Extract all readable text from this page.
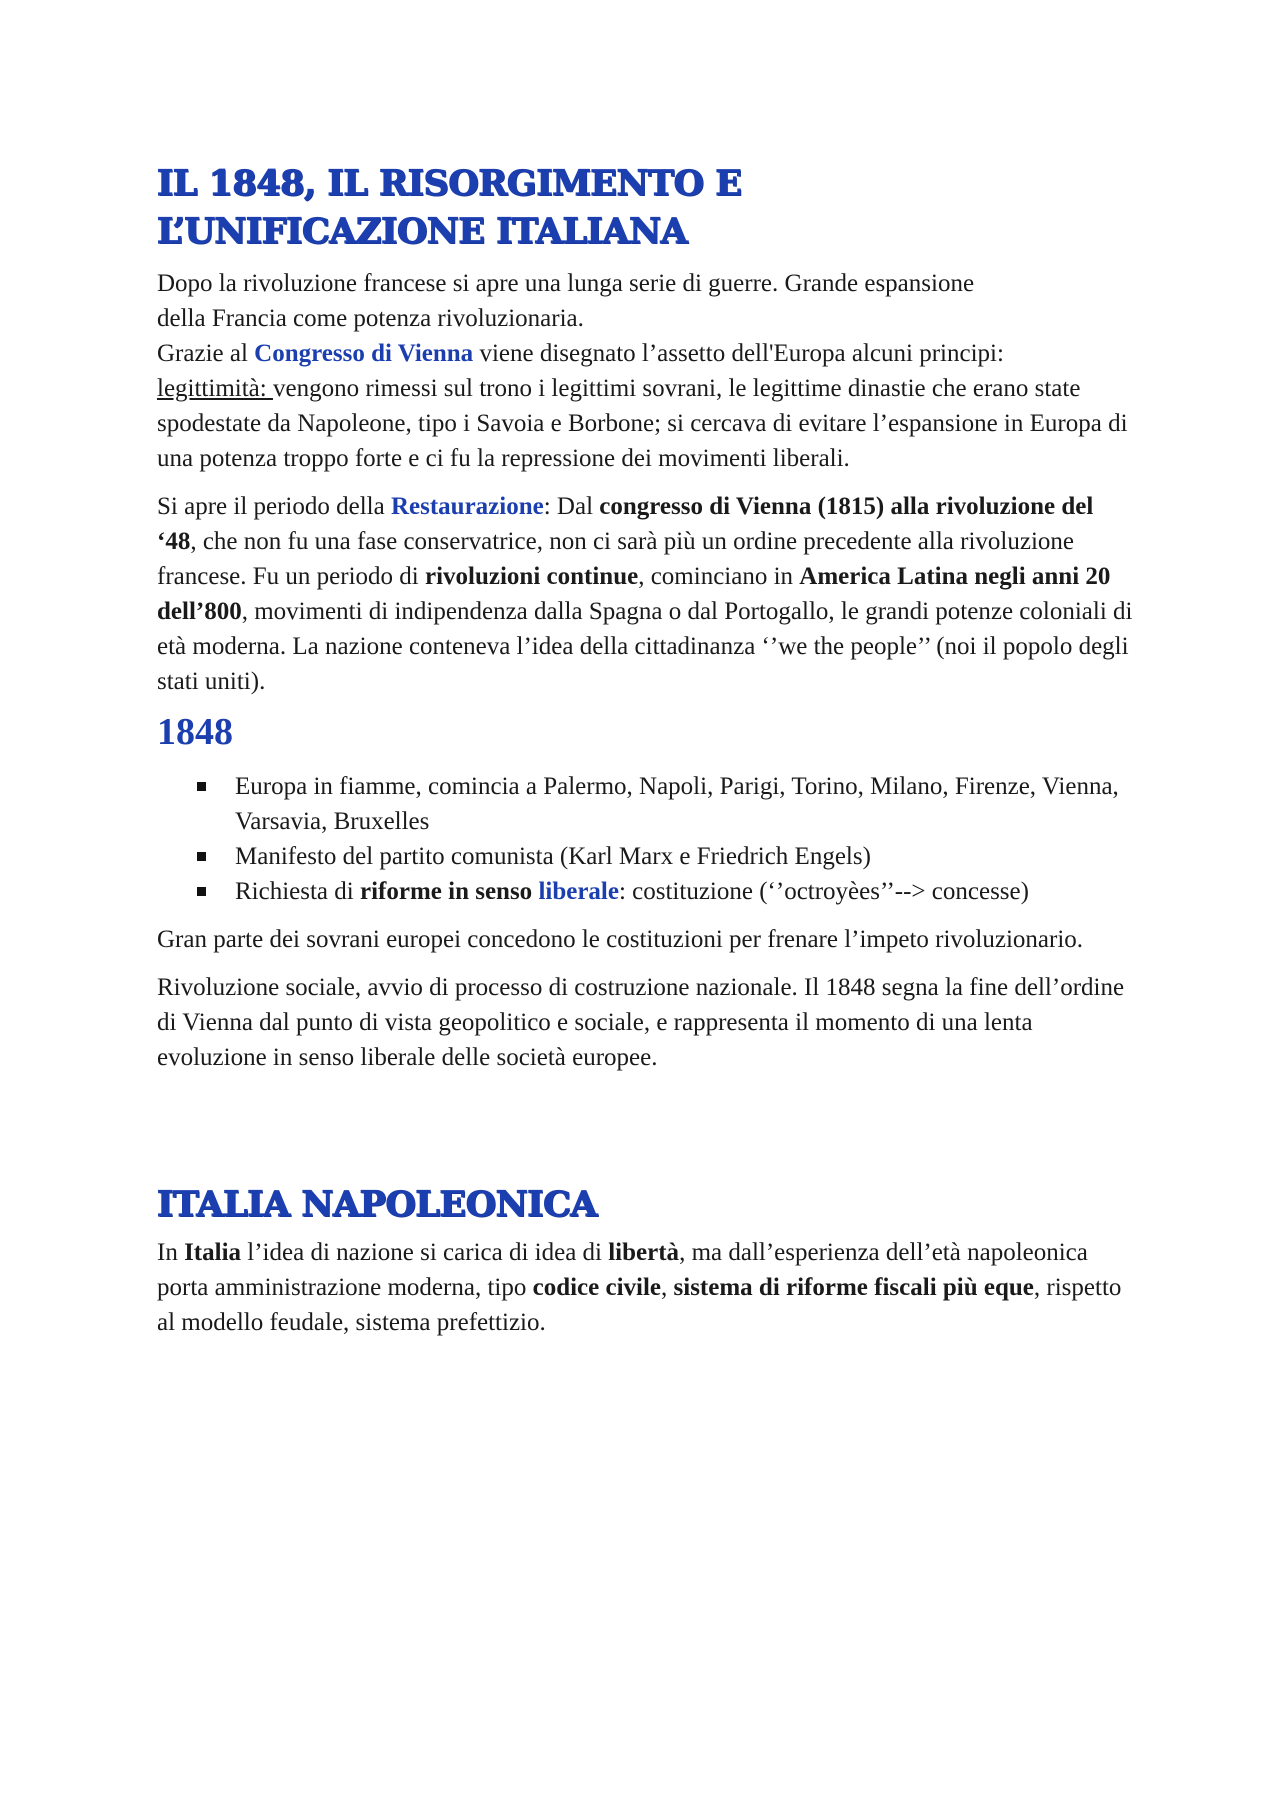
IL 1848, IL RISORGIMENTO E
L’UNIFICAZIONE ITALIANA

Dopo la rivoluzione francese si apre una lunga serie di guerre. Grande espansione
della Francia come potenza rivoluzionaria.
Grazie al Congresso di Vienna viene disegnato l’assetto dell'Europa alcuni principi:
legittimità: vengono rimessi sul trono i legittimi sovrani, le legittime dinastie che erano state spodestate da Napoleone, tipo i Savoia e Borbone; si cercava di evitare l’espansione in Europa di una potenza troppo forte e ci fu la repressione dei movimenti liberali.

Si apre il periodo della Restaurazione: Dal congresso di Vienna (1815) alla rivoluzione del ‘48, che non fu una fase conservatrice, non ci sarà più un ordine precedente alla rivoluzione francese. Fu un periodo di rivoluzioni continue, cominciano in America Latina negli anni 20 dell’800, movimenti di indipendenza dalla Spagna o dal Portogallo, le grandi potenze coloniali di età moderna. La nazione conteneva l’idea della cittadinanza ‘’we the people’’ (noi il popolo degli stati uniti).

1848
Europa in fiamme, comincia a Palermo, Napoli, Parigi, Torino, Milano, Firenze, Vienna, Varsavia, Bruxelles
Manifesto del partito comunista (Karl Marx e Friedrich Engels)
Richiesta di riforme in senso liberale: costituzione (‘’octroyèes’’--> concesse)

Gran parte dei sovrani europei concedono le costituzioni per frenare l’impeto rivoluzionario.

Rivoluzione sociale, avvio di processo di costruzione nazionale. Il 1848 segna la fine dell’ordine di Vienna dal punto di vista geopolitico e sociale, e rappresenta il momento di una lenta evoluzione in senso liberale delle società europee.

ITALIA NAPOLEONICA

In Italia l’idea di nazione si carica di idea di libertà, ma dall’esperienza dell’età napoleonica porta amministrazione moderna, tipo codice civile, sistema di riforme fiscali più eque, rispetto al modello feudale, sistema prefettizio.
